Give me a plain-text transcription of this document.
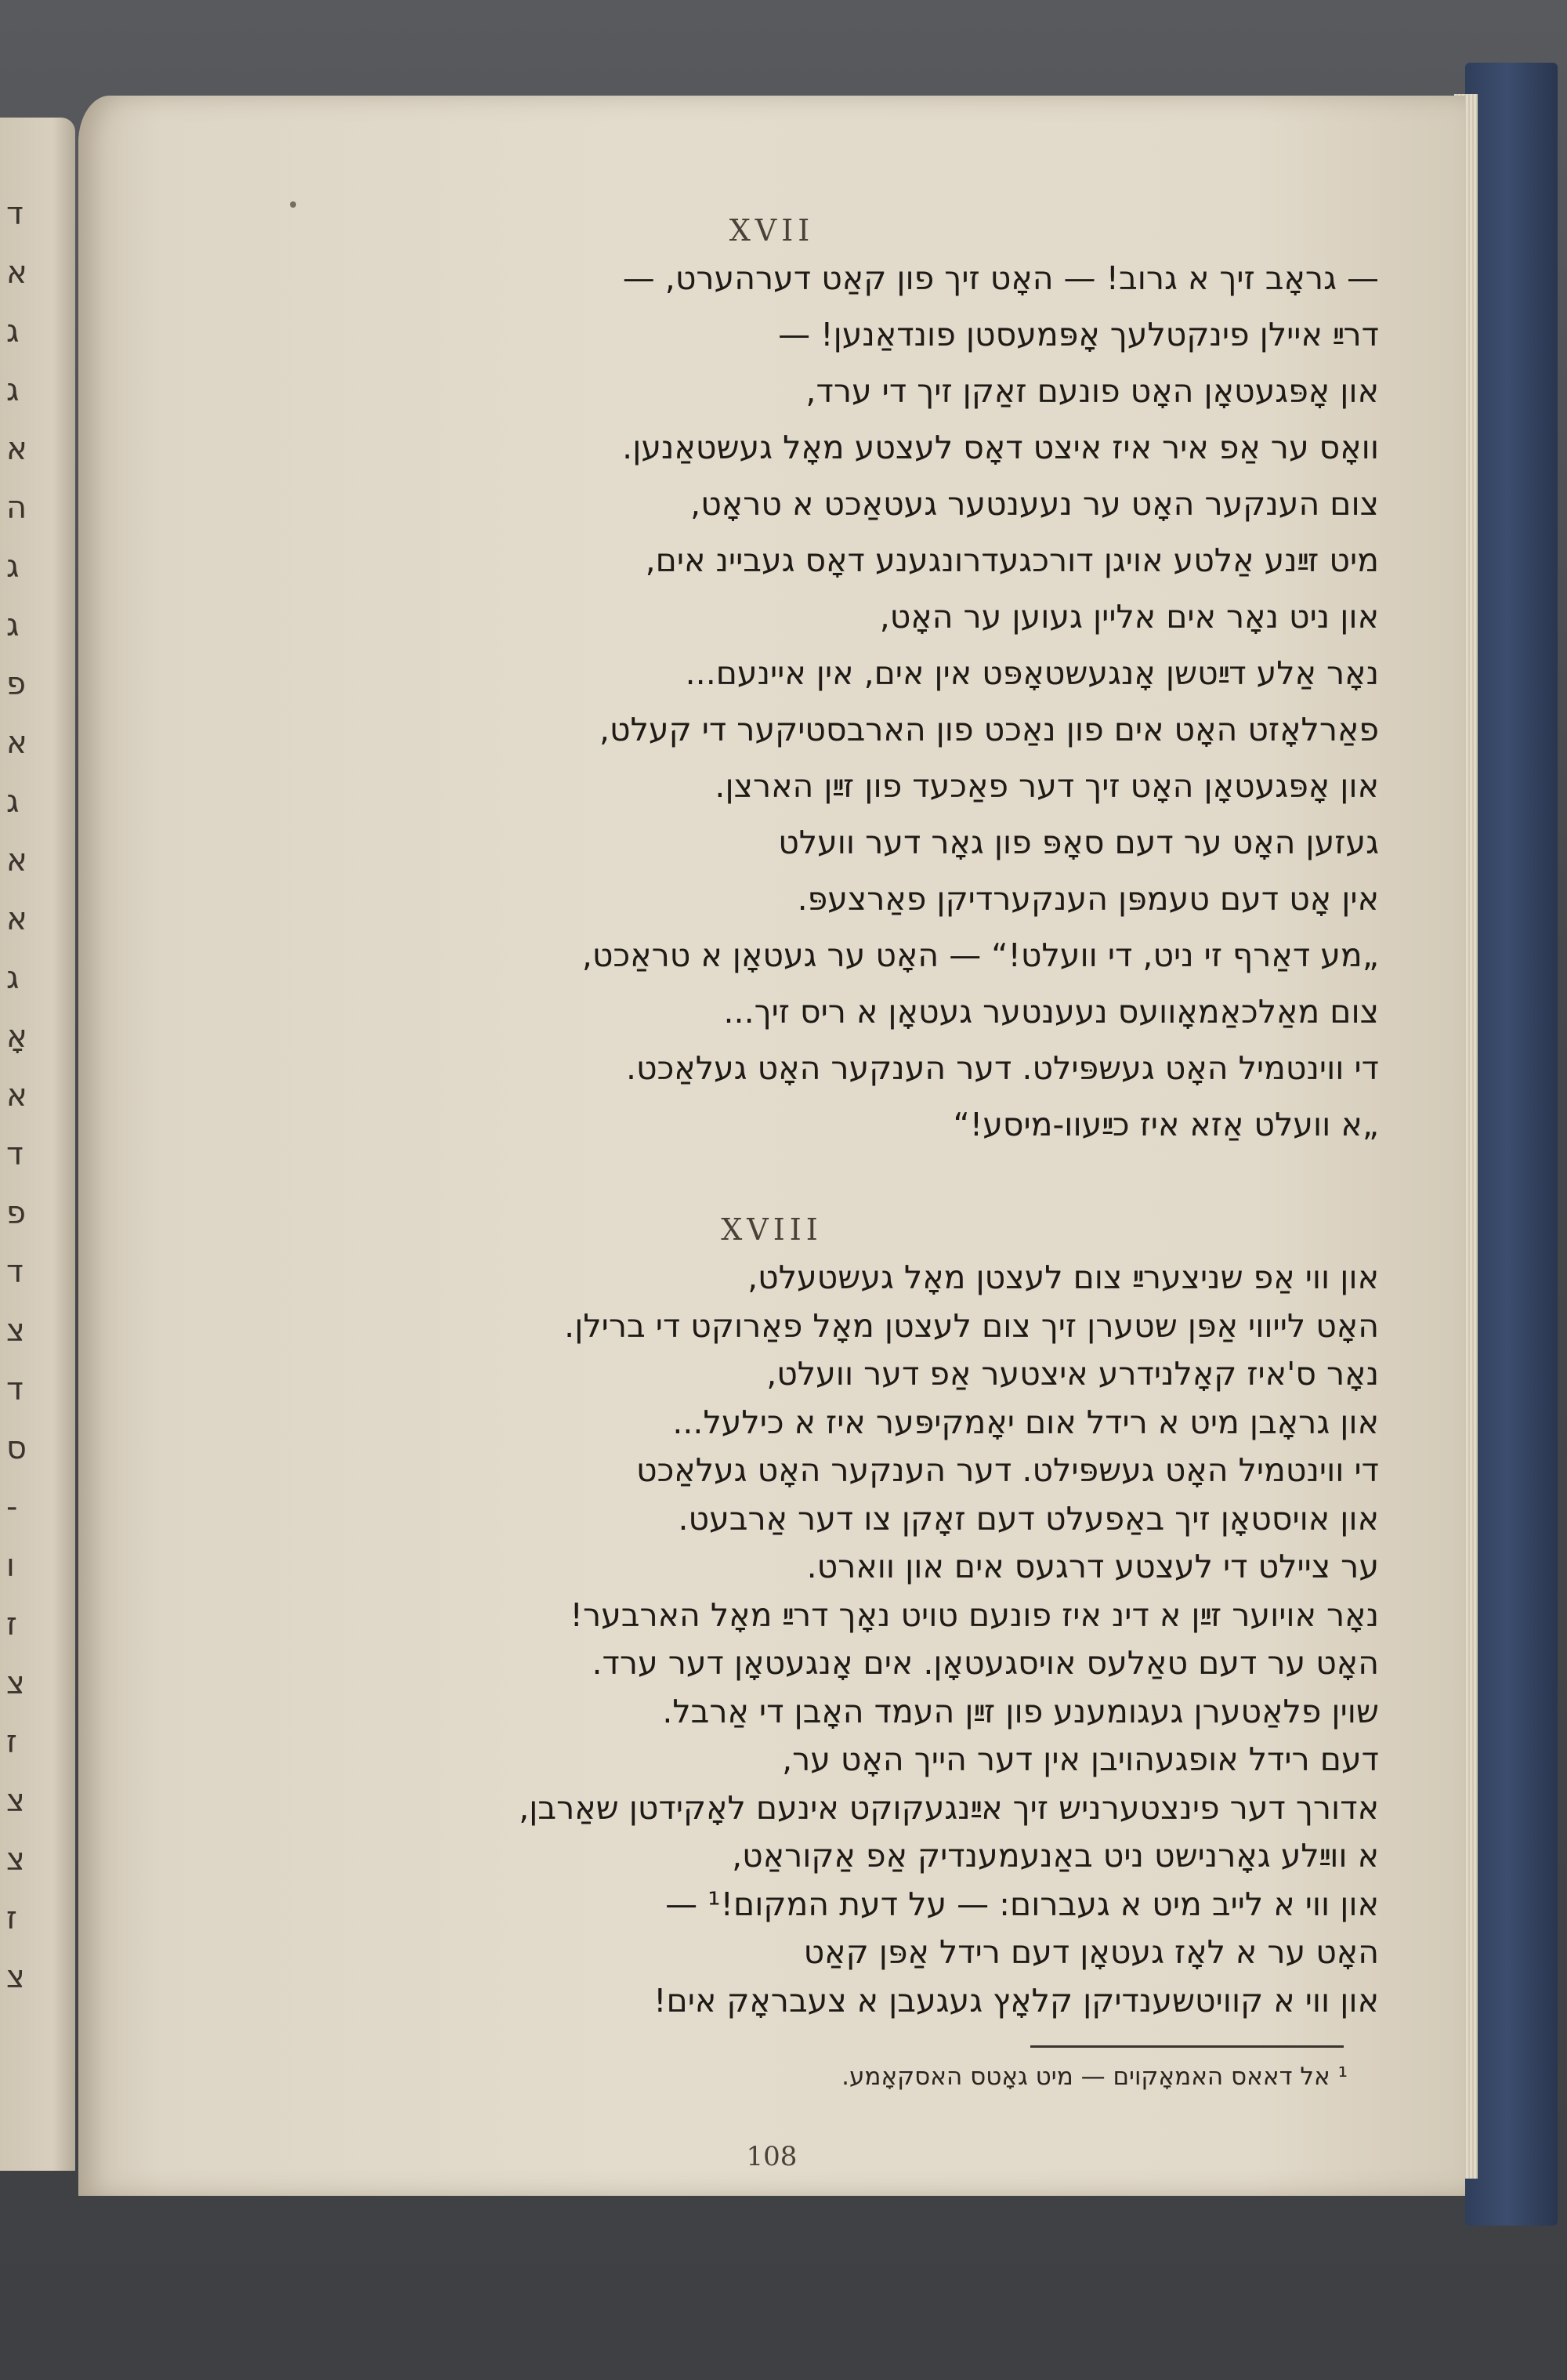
ד
א
ג
ג
א
ה
ג
ג
פ
א
ג
א
א
ג
אָ
א
ד
פ
ד
צ
ד
ס
-
ו
ז
צ
ז
צ
צ
ז
צ
XVII
— גראָב זיך א גרוב! — האָט זיך פון קאַט דערהערט, —
דרײַ איילן פינקטלעך אָפּמעסטן פונדאַנען! —
און אָפּגעטאָן האָט פונעם זאַקן זיך די ערד,
וואָס ער אַפ איר איז איצט דאָס לעצטע מאָל געשטאַנען.
צום הענקער האָט ער נעענטער געטאַכט א טראָט,
מיט זײַנע אַלטע אויגן דורכגעדרונגענע דאָס געביינ אים,
און ניט נאָר אים אליין געוען ער האָט,
נאָר אַלע דײַטשן אָנגעשטאָפּט אין אים, אין איינעם...
פאַרלאָזט האָט אים פון נאַכט פון הארבסטיקער די קעלט,
און אָפּגעטאָן האָט זיך דער פאַכעד פון זײַן הארצן.
געזען האָט ער דעם סאָפּ פון גאָר דער וועלט
אין אָט דעם טעמפּן הענקערדיקן פאַרצעפּ.
„מע דאַרף זי ניט, די וועלט!“ — האָט ער געטאָן א טראַכט,
צום מאַלכאַמאָוועס נעענטער געטאָן א ריס זיך...
די ווינטמיל האָט געשפּילט. דער הענקער האָט געלאַכט.
„א וועלט אַזא איז כײַעוו-מיסע!“
XVIII
און ווי אַפ שניצערײַ צום לעצטן מאָל געשטעלט,
האָט לייווי אַפּן שטערן זיך צום לעצטן מאָל פאַרוקט די ברילן.
נאָר ס'איז קאָלנידרע איצטער אַפ דער וועלט,
און גראָבן מיט א רידל אום יאָמקיפּער איז א כילעל...
די ווינטמיל האָט געשפּילט. דער הענקער האָט געלאַכט
און אויסטאָן זיך באַפעלט דעם זאָקן צו דער אַרבעט.
ער ציילט די לעצטע דרגעס אים און ווארט.
נאָר אויוער זײַן א דינ איז פונעם טויט נאָך דרײַ מאָל הארבער!
האָט ער דעם טאַלעס אויסגעטאָן. אים אָנגעטאָן דער ערד.
שוין פלאַטערן געגומענע פון זײַן העמד האָבן די אַרבל.
דעם רידל אופגעהויבן אין דער הייך האָט ער,
אדורך דער פינצטערניש זיך אײַנגעקוקט אינעם לאָקידטן שאַרבן,
א ווײַלע גאָרנישט ניט באַנעמענדיק אַפ אַקוראַט,
און ווי א לייב מיט א געברום: — על דעת המקום!¹ —
האָט ער א לאָז געטאָן דעם רידל אַפּן קאַט
און ווי א קוויטשענדיקן קלאָץ געגעבן א צעבראָק אים!
¹ אל דאאס האמאָקוים — מיט גאָטס האסקאָמע.
108
